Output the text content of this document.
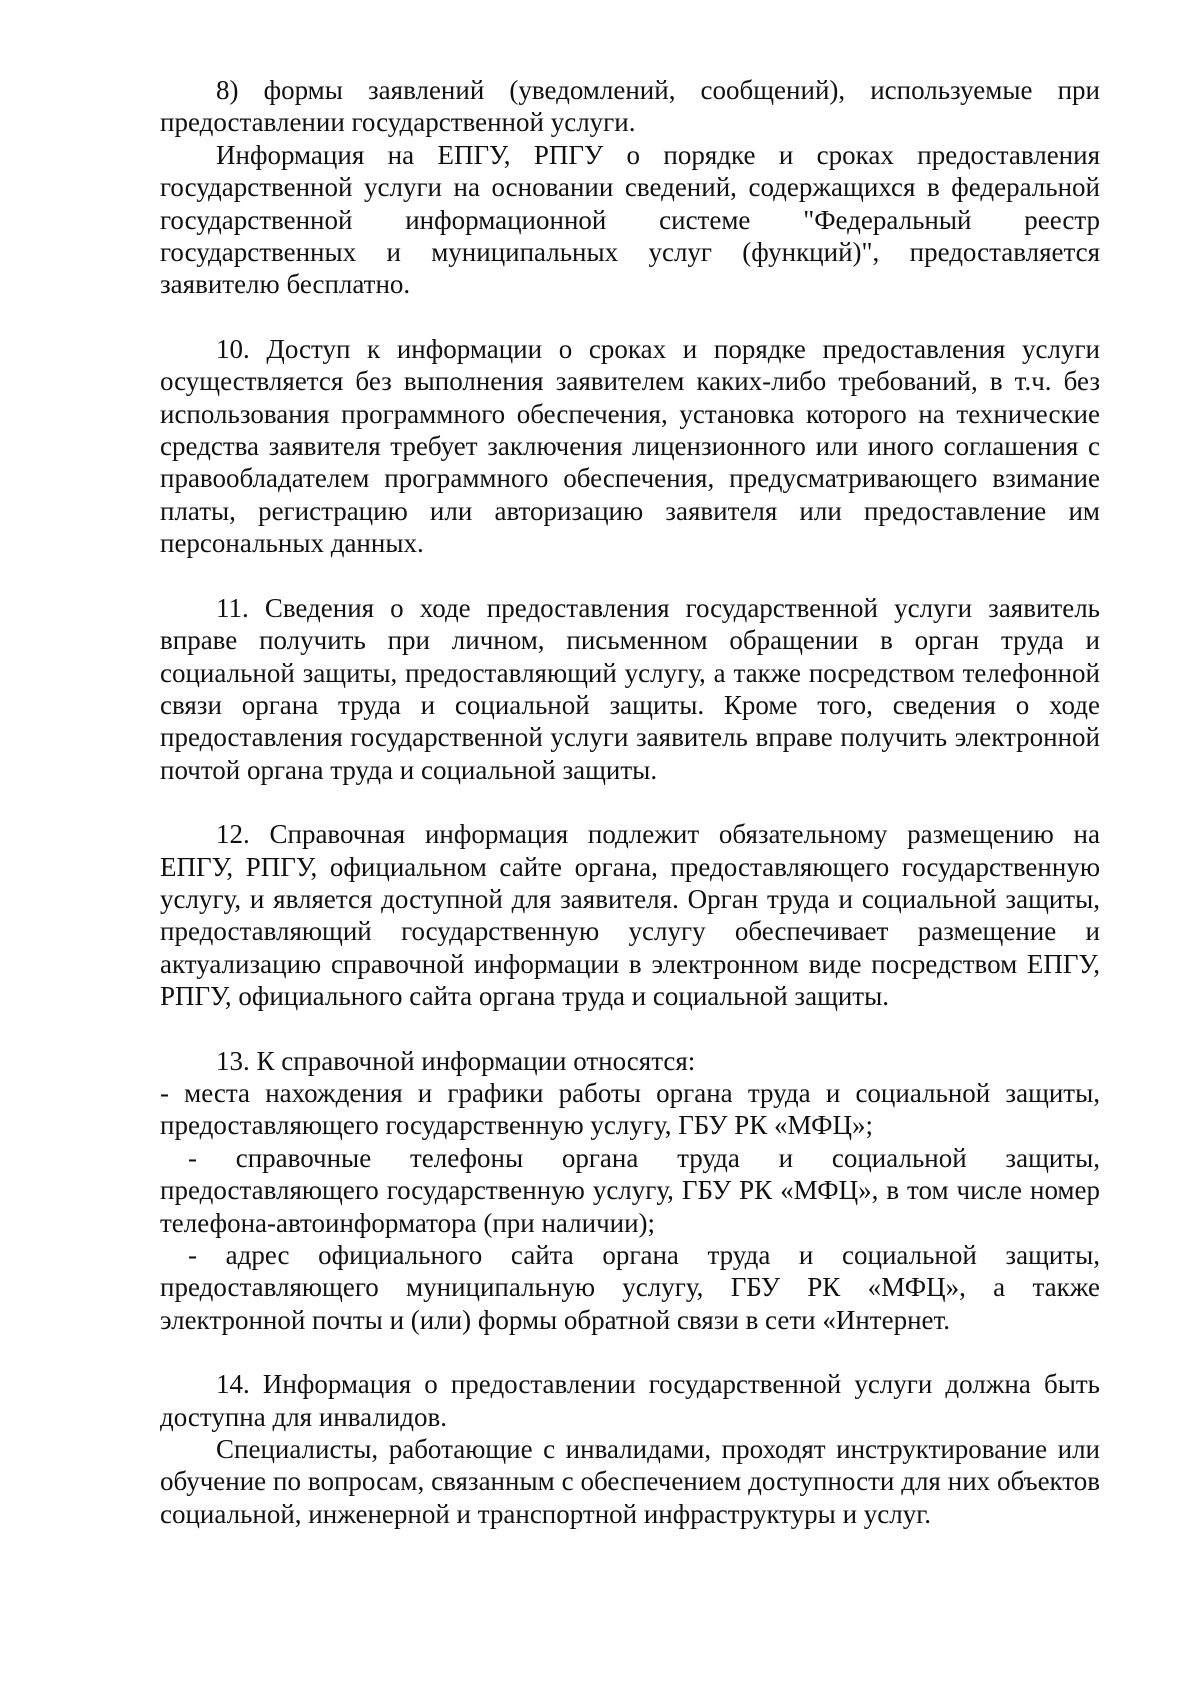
8) формы заявлений (уведомлений, сообщений), используемые при предоставлении государственной услуги.

Информация на ЕПГУ, РПГУ о порядке и сроках предоставления государственной услуги на основании сведений, содержащихся в федеральной государственной информационной системе "Федеральный реестр государственных и муниципальных услуг (функций)", предоставляется заявителю бесплатно.

10. Доступ к информации о сроках и порядке предоставления услуги осуществляется без выполнения заявителем каких-либо требований, в т.ч. без использования программного обеспечения, установка которого на технические средства заявителя требует заключения лицензионного или иного соглашения с правообладателем программного обеспечения, предусматривающего взимание платы, регистрацию или авторизацию заявителя или предоставление им персональных данных.

11. Сведения о ходе предоставления государственной услуги заявитель вправе получить при личном, письменном обращении в орган труда и социальной защиты, предоставляющий услугу, а также посредством телефонной связи органа труда и социальной защиты. Кроме того, сведения о ходе предоставления государственной услуги заявитель вправе получить электронной почтой органа труда и социальной защиты.

12. Справочная информация подлежит обязательному размещению на ЕПГУ, РПГУ, официальном сайте органа, предоставляющего государственную услугу, и является доступной для заявителя. Орган труда и социальной защиты, предоставляющий государственную услугу обеспечивает размещение и актуализацию справочной информации в электронном виде посредством ЕПГУ, РПГУ, официального сайта органа труда и социальной защиты.

13. К справочной информации относятся:

- места нахождения и графики работы органа труда и социальной защиты, предоставляющего государственную услугу, ГБУ РК «МФЦ»;

- справочные телефоны органа труда и социальной защиты, предоставляющего государственную услугу, ГБУ РК «МФЦ», в том числе номер телефона-автоинформатора (при наличии);

- адрес официального сайта органа труда и социальной защиты, предоставляющего муниципальную услугу, ГБУ РК «МФЦ», а также электронной почты и (или) формы обратной связи в сети «Интернет.

14. Информация о предоставлении государственной услуги должна быть доступна для инвалидов.

Специалисты, работающие с инвалидами, проходят инструктирование или обучение по вопросам, связанным с обеспечением доступности для них объектов социальной, инженерной и транспортной инфраструктуры и услуг.
